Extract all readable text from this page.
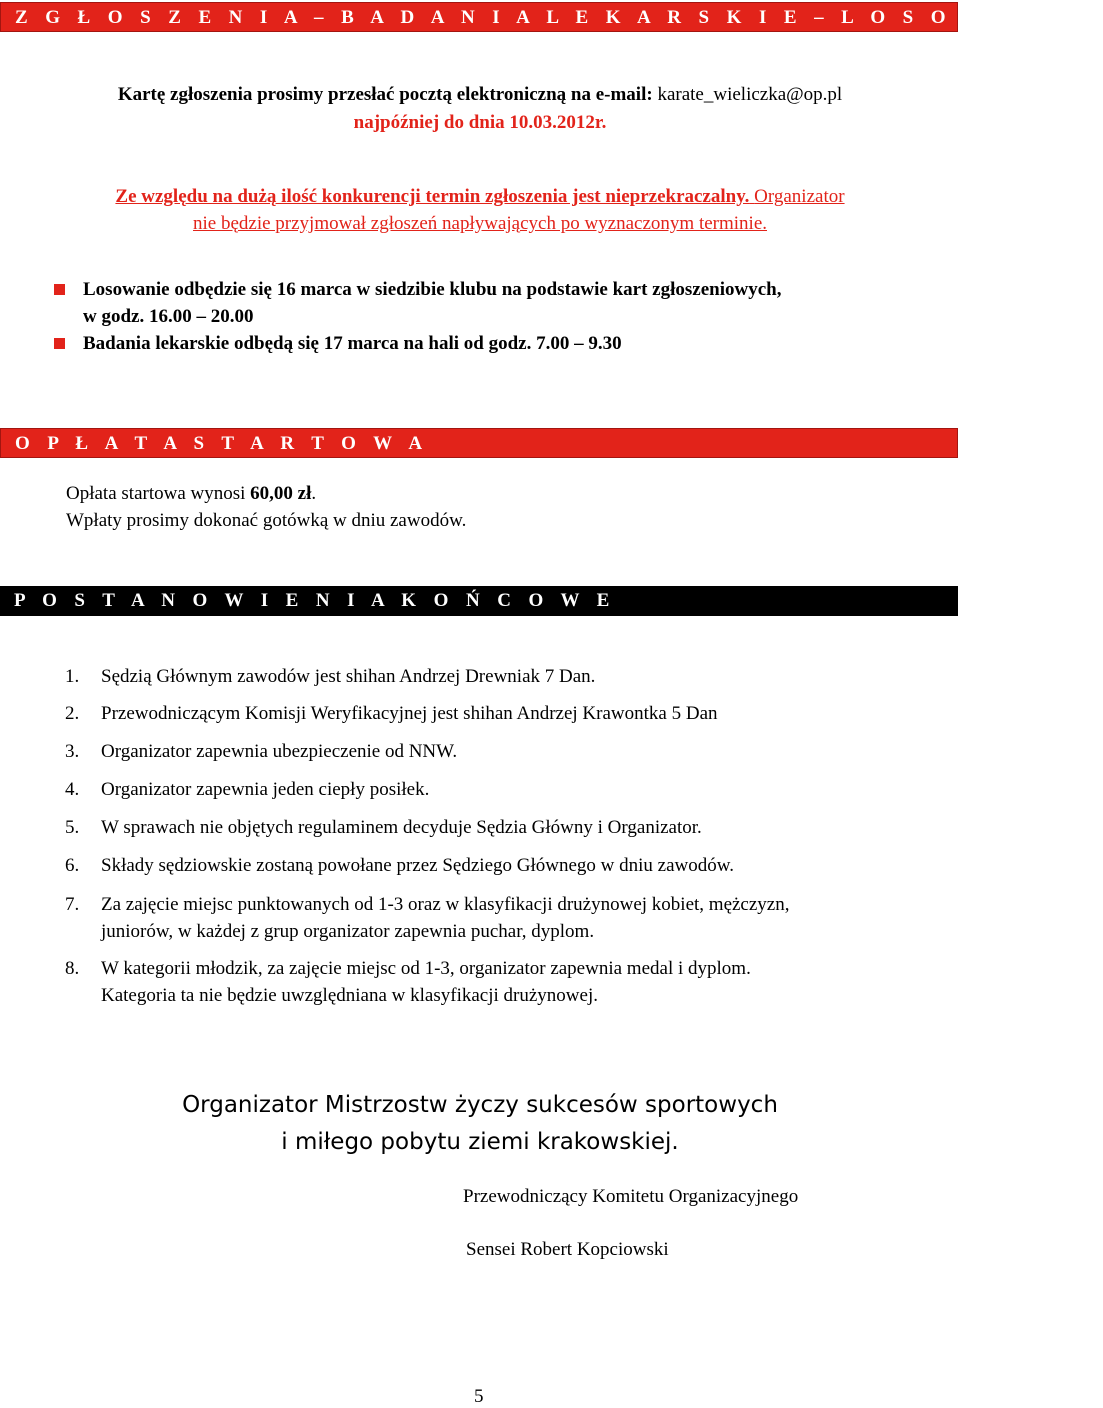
Z G Ł O S Z E N I A – B A D A N I A L E K A R S K I E – L O S O W A N I E
Kartę zgłoszenia prosimy przesłać pocztą elektroniczną na e-mail: karate_wieliczka@op.pl
najpóźniej do dnia 10.03.2012r.
Ze względu na dużą ilość konkurencji termin zgłoszenia jest nieprzekraczalny. Organizator
nie będzie przyjmował zgłoszeń napływających po wyznaczonym terminie.
Losowanie odbędzie się 16 marca w siedzibie klubu na podstawie kart zgłoszeniowych,
w godz. 16.00 – 20.00
Badania lekarskie odbędą się 17 marca na hali od godz. 7.00 – 9.30
O P Ł A T A S T A R T O W A
Opłata startowa wynosi 60,00 zł.
Wpłaty prosimy dokonać gotówką w dniu zawodów.
P O S T A N O W I E N I A K O Ń C O W E
1. Sędzią Głównym zawodów jest shihan Andrzej Drewniak 7 Dan.
2. Przewodniczącym Komisji Weryfikacyjnej jest shihan Andrzej Krawontka 5 Dan
3. Organizator zapewnia ubezpieczenie od NNW.
4. Organizator zapewnia jeden ciepły posiłek.
5. W sprawach nie objętych regulaminem decyduje Sędzia Główny i Organizator.
6. Składy sędziowskie zostaną powołane przez Sędziego Głównego w dniu zawodów.
7. Za zajęcie miejsc punktowanych od 1-3 oraz w klasyfikacji drużynowej kobiet, mężczyzn,
juniorów, w każdej z grup organizator zapewnia puchar, dyplom.
8. W kategorii młodzik, za zajęcie miejsc od 1-3, organizator zapewnia medal i dyplom.
Kategoria ta nie będzie uwzględniana w klasyfikacji drużynowej.
Organizator Mistrzostw życzy sukcesów sportowych
i miłego pobytu ziemi krakowskiej.
Przewodniczący Komitetu Organizacyjnego
Sensei Robert Kopciowski
5
